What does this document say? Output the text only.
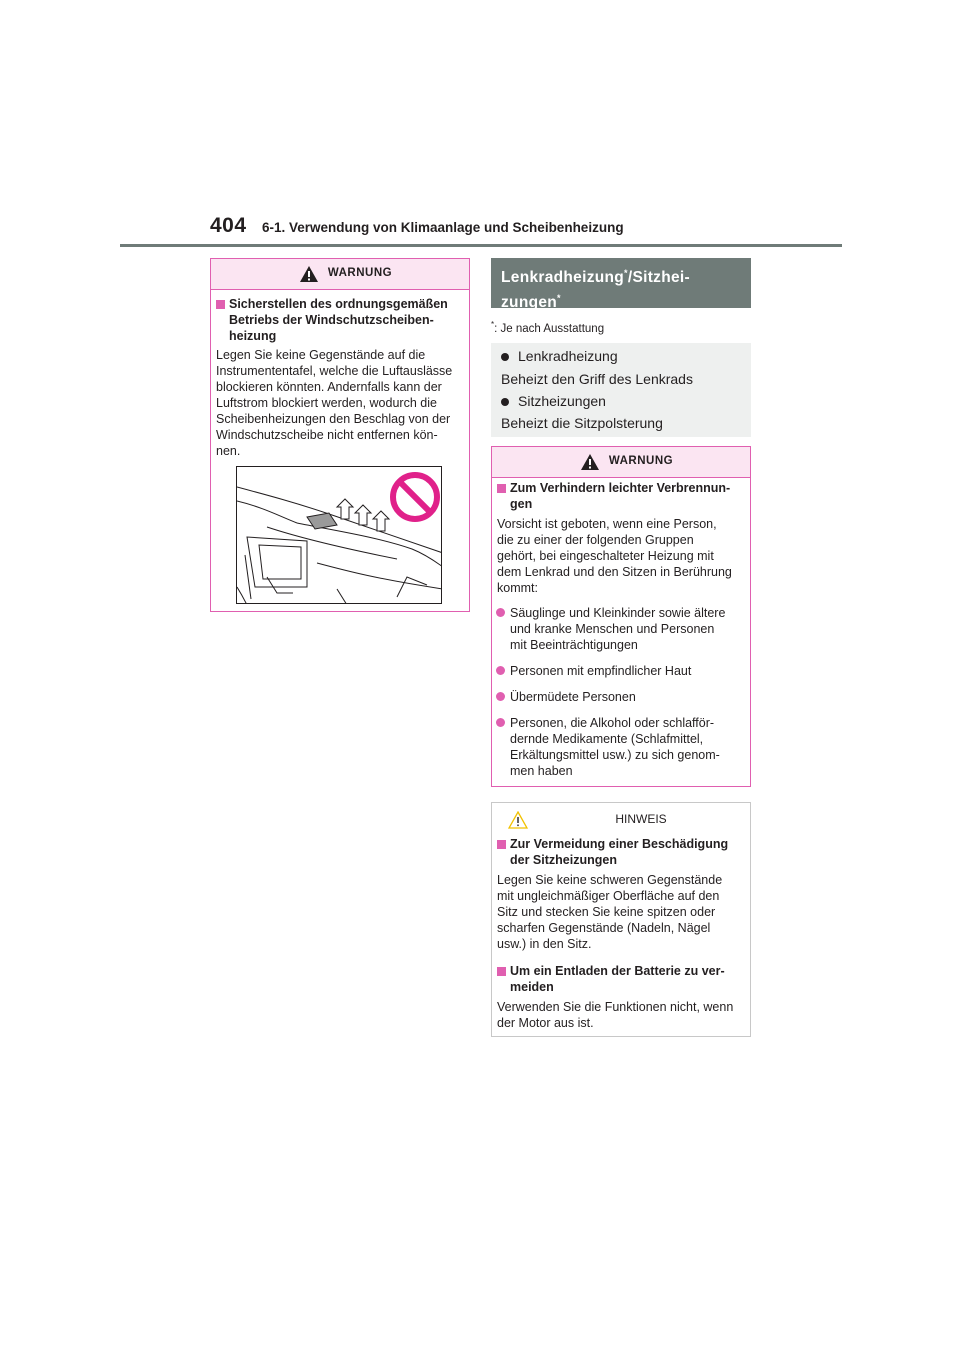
404 6-1. Verwendung von Klimaanlage und Scheibenheizung
WARNUNG
Sicherstellen des ordnungsgemäßen
Betriebs der Windschutzscheiben-
heizung
Legen Sie keine Gegenstände auf die
Instrumententafel, welche die Luftauslässe
blockieren könnten. Andernfalls kann der
Luftstrom blockiert werden, wodurch die
Scheibenheizungen den Beschlag von der
Windschutzscheibe nicht entfernen kön-
nen.
Lenkradheizung*/Sitzhei-
zungen*
*: Je nach Ausstattung
Lenkradheizung
Beheizt den Griff des Lenkrads
Sitzheizungen
Beheizt die Sitzpolsterung
WARNUNG
Zum Verhindern leichter Verbrennun-
gen
Vorsicht ist geboten, wenn eine Person,
die zu einer der folgenden Gruppen
gehört, bei eingeschalteter Heizung mit
dem Lenkrad und den Sitzen in Berührung
kommt:
Säuglinge und Kleinkinder sowie ältere
und kranke Menschen und Personen
mit Beeinträchtigungen
Personen mit empfindlicher Haut
Übermüdete Personen
Personen, die Alkohol oder schlafför-
dernde Medikamente (Schlafmittel,
Erkältungsmittel usw.) zu sich genom-
men haben
HINWEIS
Zur Vermeidung einer Beschädigung
der Sitzheizungen
Legen Sie keine schweren Gegenstände
mit ungleichmäßiger Oberfläche auf den
Sitz und stecken Sie keine spitzen oder
scharfen Gegenstände (Nadeln, Nägel
usw.) in den Sitz.
Um ein Entladen der Batterie zu ver-
meiden
Verwenden Sie die Funktionen nicht, wenn
der Motor aus ist.
